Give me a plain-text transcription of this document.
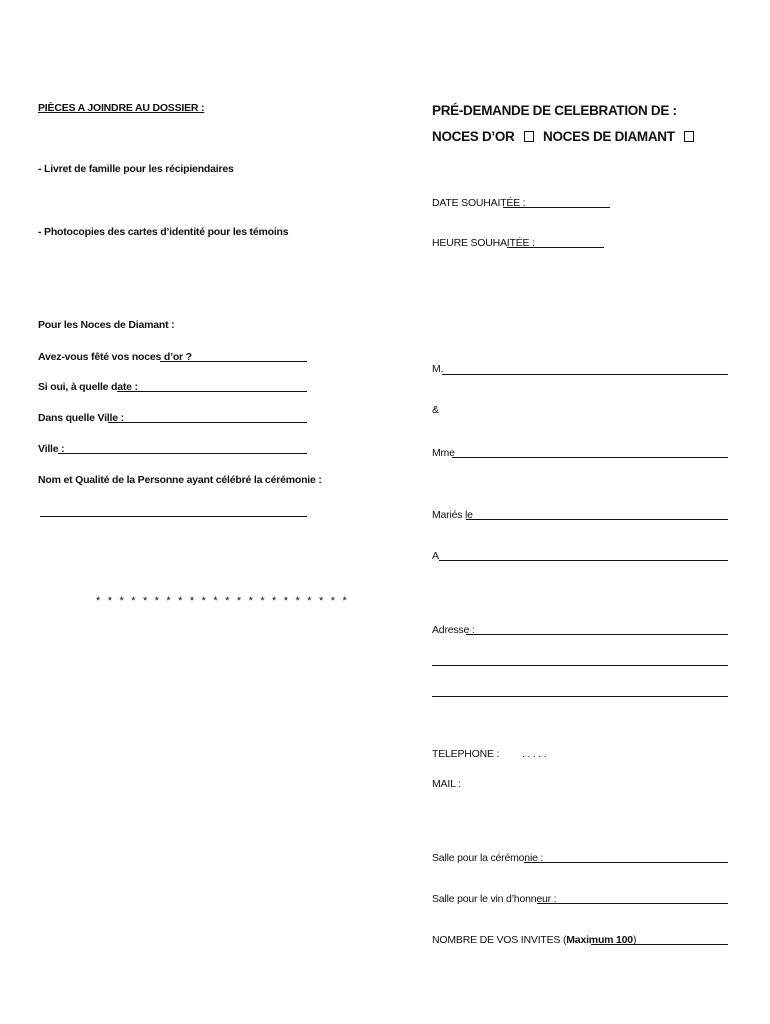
PIÈCES A JOINDRE AU DOSSIER :
- Livret de famille pour les récipiendaires
- Photocopies des cartes d’identité pour les témoins
Pour les Noces de Diamant :
Avez-vous fêté vos noces d’or ?
Si oui, à quelle date :
Dans quelle Ville :
Ville :
Nom et Qualité de la Personne ayant célébré la cérémonie :
* * * * * * * * * * * * * * * * * * * * * *
PRÉ-DEMANDE DE CELEBRATION DE :
NOCES D’OR	NOCES DE DIAMANT
DATE SOUHAITÉE :
HEURE SOUHAITÉE :
M.
&
Mme
Mariés le
A
Adresse :
TELEPHONE : . . . . .
MAIL :
Salle pour la cérémonie :
Salle pour le vin d’honneur :
NOMBRE DE VOS INVITES (Maximum 100)
